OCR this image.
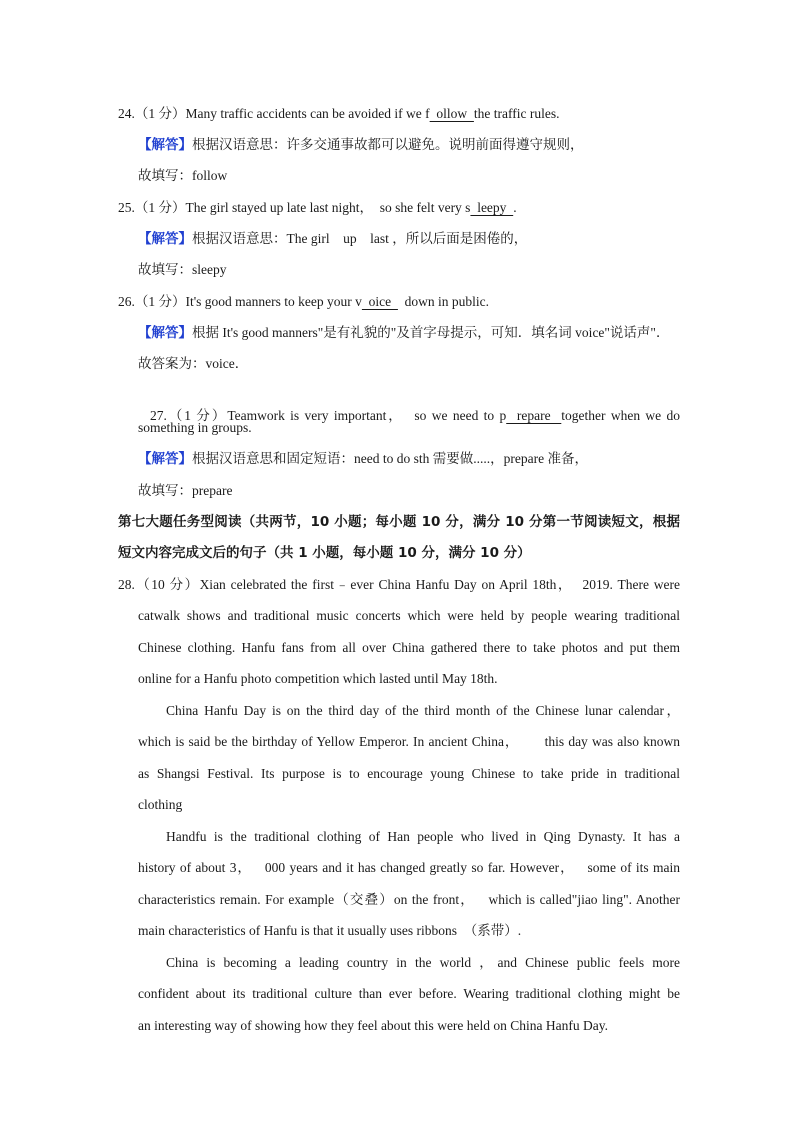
24.（1 分）Many traffic accidents can be avoided if we f  ollow  the traffic rules.
【解答】根据汉语意思：许多交通事故都可以避免。说明前面得遵守规则，
故填写：follow
25.（1 分）The girl stayed up late last night，  so she felt very s  leepy  .
【解答】根据汉语意思：The girl    up    last ，所以后面是困倦的，
故填写：sleepy
26.（1 分）It's good manners to keep your v  oice    down in public.
【解答】根据 It's good manners"是有礼貌的"及首字母提示，可知．填名词 voice"说话声"．
故答案为：voice．

27.（1 分）Teamwork is very important，  so we need to p  repare  together when we do

something in groups.
【解答】根据汉语意思和固定短语：need to do sth 需要做.....，prepare 准备，
故填写：prepare
第七大题任务型阅读（共两节，10 小题；每小题 10 分，满分 10 分第一节阅读短文，根据
短文内容完成文后的句子（共 1 小题，每小题 10 分，满分 10 分）
28.（10 分）Xian celebrated the first﹣ever China Hanfu Day on April 18th，  2019. There were
catwalk shows and traditional music concerts which were held by people wearing traditional
Chinese clothing. Hanfu fans from all over China gathered there to take photos and put them
online for a Hanfu photo competition which lasted until May 18th.
China Hanfu Day is on the third day of the third month of the Chinese lunar calendar，
which is said be the birthday of Yellow Emperor. In ancient China，      this day was also known
as Shangsi Festival. Its purpose is to encourage young Chinese to take pride in traditional
clothing
Handfu is the traditional clothing of Han people who lived in Qing Dynasty. It has a
history of about 3，   000 years and it has changed greatly so far. However，   some of its main
characteristics remain. For example（交叠）on the front，   which is called"jiao ling". Another
main characteristics of Hanfu is that it usually uses ribbons  （系带）.
China is becoming a leading country in the world ，and Chinese public feels more
confident about its traditional culture than ever before. Wearing traditional clothing might be
an interesting way of showing how they feel about this were held on China Hanfu Day.
